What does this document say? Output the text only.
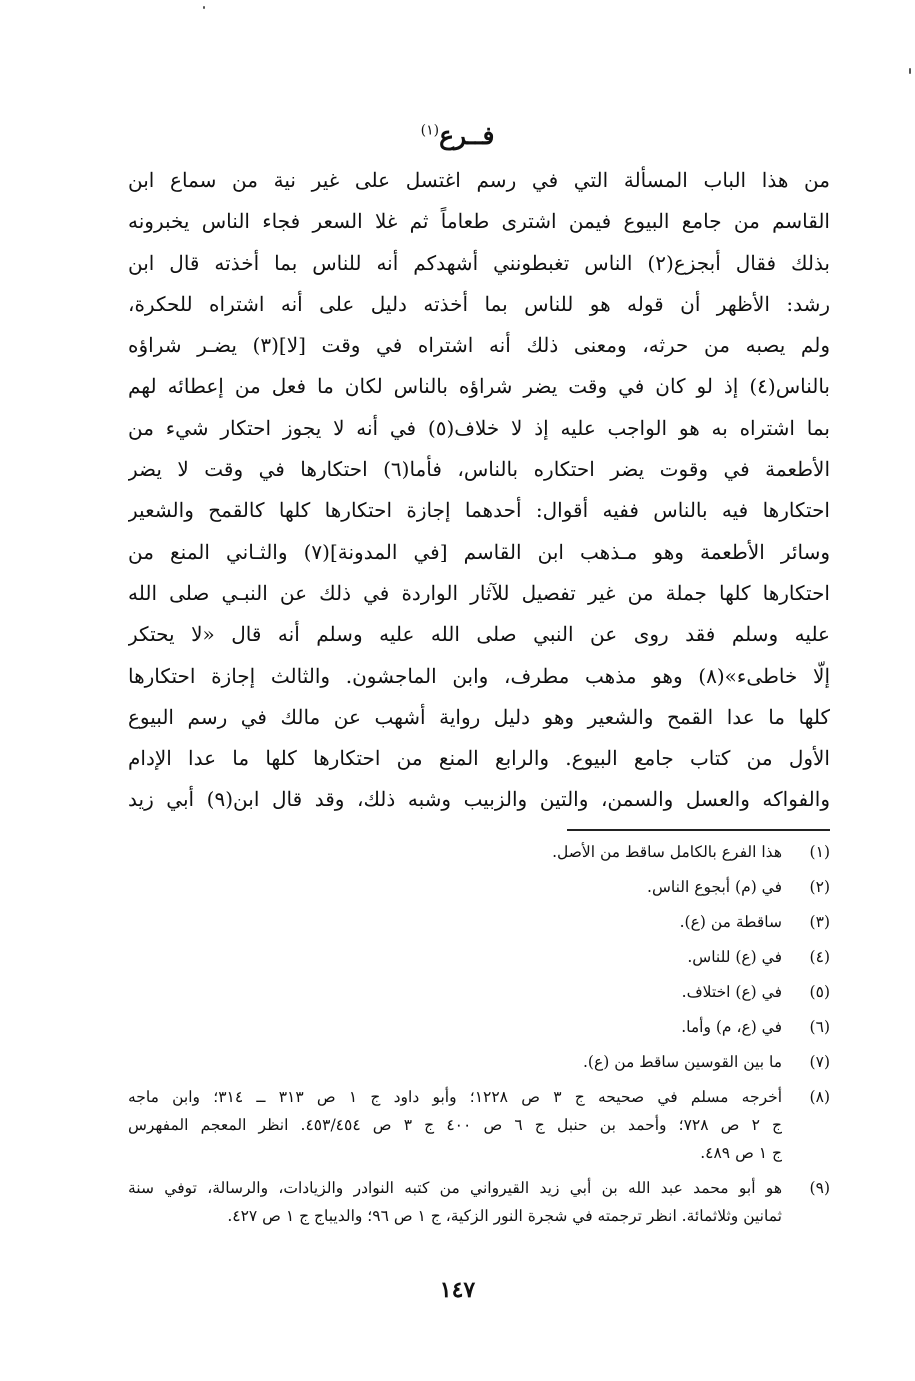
فــرع$^{(١)}$
من هذا الباب المسألة التي في رسم اغتسل على غير نية من سماع ابن
القاسم من جامع البيوع فيمن اشترى طعاماً ثم غلا السعر فجاء الناس يخبرونه
بذلك فقال أبجزع(٢) الناس تغبطونني أشهدكم أنه للناس بما أخذته قال ابن
رشد: الأظهر أن قوله هو للناس بما أخذته دليل على أنه اشتراه للحكرة،
ولم يصبه من حرثه، ومعنى ذلك أنه اشتراه في وقت [لا](٣) يضـر شراؤه
بالناس(٤) إذ لو كان في وقت يضر شراؤه بالناس لكان ما فعل من إعطائه لهم
بما اشتراه به هو الواجب عليه إذ لا خلاف(٥) في أنه لا يجوز احتكار شيء من
الأطعمة في وقوت يضر احتكاره بالناس، فأما(٦) احتكارها في وقت لا يضر
احتكارها فيه بالناس ففيه أقوال: أحدهما إجازة احتكارها كلها كالقمح والشعير
وسائر الأطعمة وهو مـذهب ابن القاسم [في المدونة](٧) والثـاني المنع من
احتكارها كلها جملة من غير تفصيل للآثار الواردة في ذلك عن النبـي صلى الله
عليه وسلم فقد روى عن النبي صلى الله عليه وسلم أنه قال «لا يحتكر
إلّا خاطىء»(٨) وهو مذهب مطرف، وابن الماجشون. والثالث إجازة احتكارها
كلها ما عدا القمح والشعير وهو دليل رواية أشهب عن مالك في رسم البيوع
الأول من كتاب جامع البيوع. والرابع المنع من احتكارها كلها ما عدا الإدام
والفواكه والعسل والسمن، والتين والزبيب وشبه ذلك، وقد قال ابن(٩) أبي زيد
(١)
هذا الفرع بالكامل ساقط من الأصل.
(٢)
في (م) أبجوع الناس.
(٣)
ساقطة من (ع).
(٤)
في (ع) للناس.
(٥)
في (ع) اختلاف.
(٦)
في (ع، م) وأما.
(٧)
ما بين القوسين ساقط من (ع).
(٨)
أخرجه مسلم في صحيحه ج ٣ ص ١٢٢٨؛ وأبو داود ج ١ ص ٣١٣ ــ ٣١٤؛ وابن ماجه
ج ٢ ص ٧٢٨؛ وأحمد بن حنبل ج ٦ ص ٤٠٠ ج ٣ ص ٤٥٣/٤٥٤. انظر المعجم المفهرس
ج ١ ص ٤٨٩.
(٩)
هو أبو محمد عبد الله بن أبي زيد القيرواني من كتبه النوادر والزيادات، والرسالة، توفي سنة
ثمانين وثلاثمائة. انظر ترجمته في شجرة النور الزكية، ج ١ ص ٩٦؛ والديباج ج ١ ص ٤٢٧.
١٤٧
